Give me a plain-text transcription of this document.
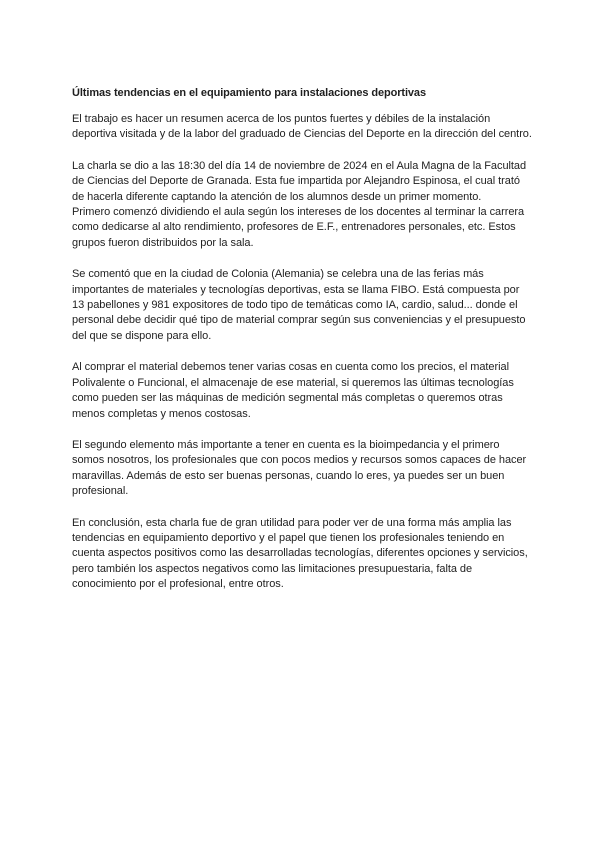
Últimas tendencias en el equipamiento para instalaciones deportivas

El trabajo es hacer un resumen acerca de los puntos fuertes y débiles de la instalación deportiva visitada y de la labor del graduado de Ciencias del Deporte en la dirección del centro.

La charla se dio a las 18:30 del día 14 de noviembre de 2024 en el Aula Magna de la Facultad de Ciencias del Deporte de Granada. Esta fue impartida por Alejandro Espinosa, el cual trató de hacerla diferente captando la atención de los alumnos desde un primer momento.

Primero comenzó dividiendo el aula según los intereses de los docentes al terminar la carrera como dedicarse al alto rendimiento, profesores de E.F., entrenadores personales, etc. Estos grupos fueron distribuidos por la sala.

Se comentó que en la ciudad de Colonia (Alemania) se celebra una de las ferias más importantes de materiales y tecnologías deportivas, esta se llama FIBO. Está compuesta por 13 pabellones y 981 expositores de todo tipo de temáticas como IA, cardio, salud... donde el personal debe decidir qué tipo de material comprar según sus conveniencias y el presupuesto del que se dispone para ello.

Al comprar el material debemos tener varias cosas en cuenta como los precios, el material Polivalente o Funcional, el almacenaje de ese material, si queremos las últimas tecnologías como pueden ser las máquinas de medición segmental más completas o queremos otras menos completas y menos costosas.

El segundo elemento más importante a tener en cuenta es la bioimpedancia y el primero somos nosotros, los profesionales que con pocos medios y recursos somos capaces de hacer maravillas. Además de esto ser buenas personas, cuando lo eres, ya puedes ser un buen profesional.

En conclusión, esta charla fue de gran utilidad para poder ver de una forma más amplia las tendencias en equipamiento deportivo y el papel que tienen los profesionales teniendo en cuenta aspectos positivos como las desarrolladas tecnologías, diferentes opciones y servicios, pero también los aspectos negativos como las limitaciones presupuestaria, falta de conocimiento por el profesional, entre otros.
